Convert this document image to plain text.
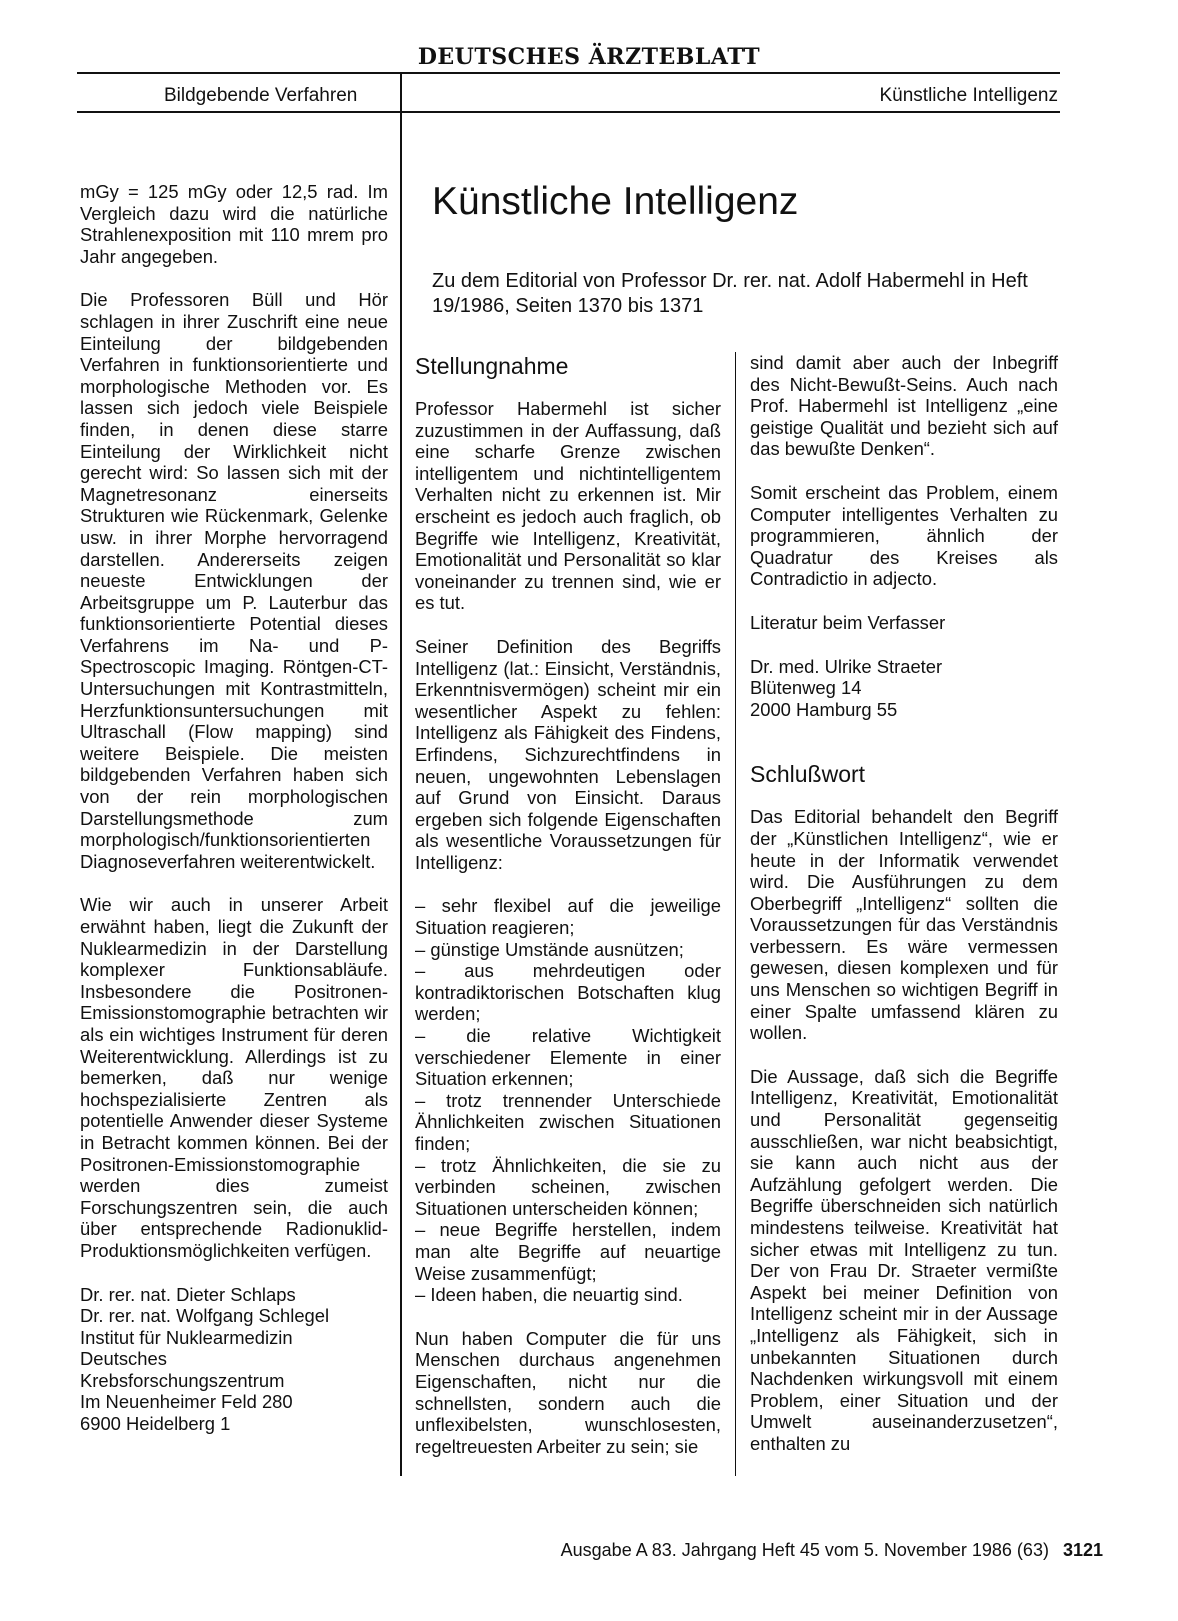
DEUTSCHES ÄRZTEBLATT
Bildgebende Verfahren	Künstliche Intelligenz

mGy = 125 mGy oder 12,5 rad. Im Vergleich dazu wird die natürliche Strahlenexposition mit 110 mrem pro Jahr angegeben.

Die Professoren Büll und Hör schlagen in ihrer Zuschrift eine neue Einteilung der bildgebenden Verfahren in funktionsorientierte und morphologische Methoden vor. Es lassen sich jedoch viele Beispiele finden, in denen diese starre Einteilung der Wirklichkeit nicht gerecht wird: So lassen sich mit der Magnetresonanz einerseits Strukturen wie Rückenmark, Gelenke usw. in ihrer Morphe hervorragend darstellen. Andererseits zeigen neueste Entwicklungen der Arbeitsgruppe um P. Lauterbur das funktionsorientierte Potential dieses Verfahrens im Na- und P-Spectroscopic Imaging. Röntgen-CT-Untersuchungen mit Kontrastmitteln, Herzfunktionsuntersuchungen mit Ultraschall (Flow mapping) sind weitere Beispiele. Die meisten bildgebenden Verfahren haben sich von der rein morphologischen Darstellungsmethode zum morphologisch/funktionsorientierten Diagnoseverfahren weiterentwickelt.

Wie wir auch in unserer Arbeit erwähnt haben, liegt die Zukunft der Nuklearmedizin in der Darstellung komplexer Funktionsabläufe. Insbesondere die Positronen-Emissionstomographie betrachten wir als ein wichtiges Instrument für deren Weiterentwicklung. Allerdings ist zu bemerken, daß nur wenige hochspezialisierte Zentren als potentielle Anwender dieser Systeme in Betracht kommen können. Bei der Positronen-Emissionstomographie werden dies zumeist Forschungszentren sein, die auch über entsprechende Radionuklid-Produktionsmöglichkeiten verfügen.

Dr. rer. nat. Dieter Schlaps
Dr. rer. nat. Wolfgang Schlegel
Institut für Nuklearmedizin
Deutsches
Krebsforschungszentrum
Im Neuenheimer Feld 280
6900 Heidelberg 1
Künstliche Intelligenz
Zu dem Editorial von Professor Dr. rer. nat. Adolf Habermehl in Heft 19/1986, Seiten 1370 bis 1371
Stellungnahme

Professor Habermehl ist sicher zuzustimmen in der Auffassung, daß eine scharfe Grenze zwischen intelligentem und nichtintelligentem Verhalten nicht zu erkennen ist. Mir erscheint es jedoch auch fraglich, ob Begriffe wie Intelligenz, Kreativität, Emotionalität und Personalität so klar voneinander zu trennen sind, wie er es tut.

Seiner Definition des Begriffs Intelligenz (lat.: Einsicht, Verständnis, Erkenntnisvermögen) scheint mir ein wesentlicher Aspekt zu fehlen: Intelligenz als Fähigkeit des Findens, Erfindens, Sichzurechtfindens in neuen, ungewohnten Lebenslagen auf Grund von Einsicht. Daraus ergeben sich folgende Eigenschaften als wesentliche Voraussetzungen für Intelligenz:

– sehr flexibel auf die jeweilige Situation reagieren;
– günstige Umstände ausnützen;
– aus mehrdeutigen oder kontradiktorischen Botschaften klug werden;
– die relative Wichtigkeit verschiedener Elemente in einer Situation erkennen;
– trotz trennender Unterschiede Ähnlichkeiten zwischen Situationen finden;
– trotz Ähnlichkeiten, die sie zu verbinden scheinen, zwischen Situationen unterscheiden können;
– neue Begriffe herstellen, indem man alte Begriffe auf neuartige Weise zusammenfügt;
– Ideen haben, die neuartig sind.

Nun haben Computer die für uns Menschen durchaus angenehmen Eigenschaften, nicht nur die schnellsten, sondern auch die unflexibelsten, wunschlosesten, regeltreuesten Arbeiter zu sein; sie

sind damit aber auch der Inbegriff des Nicht-Bewußt-Seins. Auch nach Prof. Habermehl ist Intelligenz „eine geistige Qualität und bezieht sich auf das bewußte Denken“.

Somit erscheint das Problem, einem Computer intelligentes Verhalten zu programmieren, ähnlich der Quadratur des Kreises als Contradictio in adjecto.

Literatur beim Verfasser

Dr. med. Ulrike Straeter
Blütenweg 14
2000 Hamburg 55
Schlußwort

Das Editorial behandelt den Begriff der „Künstlichen Intelligenz“, wie er heute in der Informatik verwendet wird. Die Ausführungen zu dem Oberbegriff „Intelligenz“ sollten die Voraussetzungen für das Verständnis verbessern. Es wäre vermessen gewesen, diesen komplexen und für uns Menschen so wichtigen Begriff in einer Spalte umfassend klären zu wollen.

Die Aussage, daß sich die Begriffe Intelligenz, Kreativität, Emotionalität und Personalität gegenseitig ausschließen, war nicht beabsichtigt, sie kann auch nicht aus der Aufzählung gefolgert werden. Die Begriffe überschneiden sich natürlich mindestens teilweise. Kreativität hat sicher etwas mit Intelligenz zu tun. Der von Frau Dr. Straeter vermißte Aspekt bei meiner Definition von Intelligenz scheint mir in der Aussage „Intelligenz als Fähigkeit, sich in unbekannten Situationen durch Nachdenken wirkungsvoll mit einem Problem, einer Situation und der Umwelt auseinanderzusetzen“, enthalten zu

Ausgabe A 83. Jahrgang Heft 45 vom 5. November 1986 (63) 3121
